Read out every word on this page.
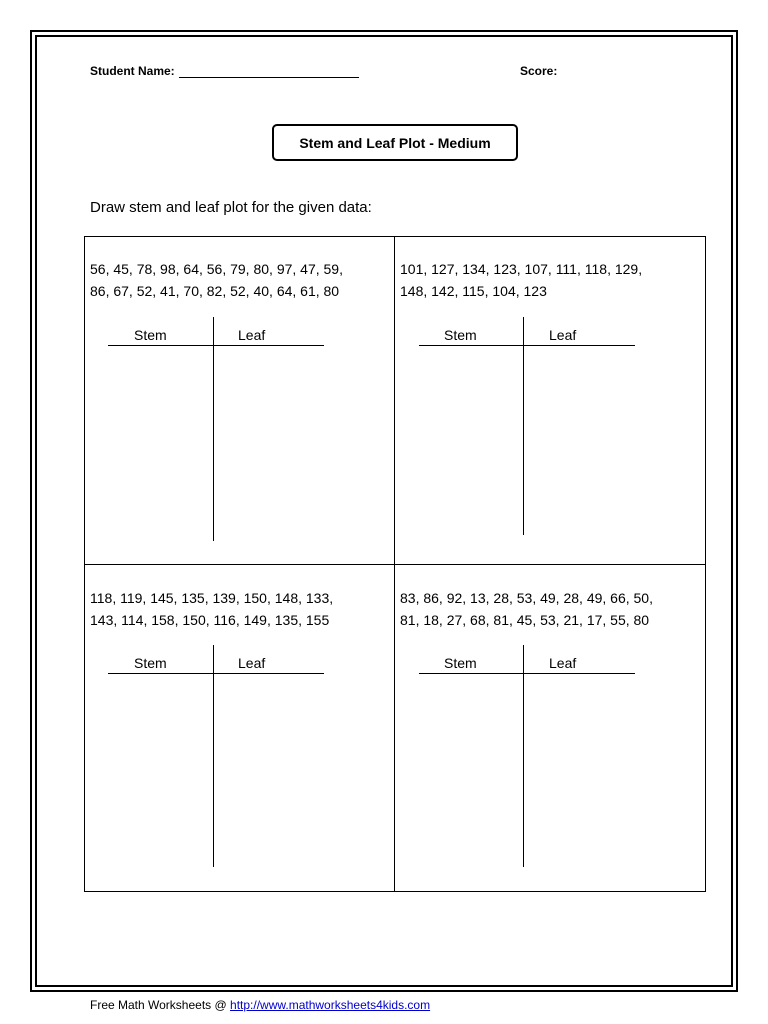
Student Name:	Score:
Stem and Leaf Plot - Medium
Draw stem and leaf plot for the given data:
56, 45, 78, 98, 64, 56, 79, 80, 97, 47, 59,
86, 67, 52, 41, 70, 82, 52, 40, 64, 61, 80
Stem	Leaf
101, 127, 134, 123, 107, 111, 118, 129,
148, 142, 115, 104, 123
Stem	Leaf
118, 119, 145, 135, 139, 150, 148, 133,
143, 114, 158, 150, 116, 149, 135, 155
Stem	Leaf
83, 86, 92, 13, 28, 53, 49, 28, 49, 66, 50,
81, 18, 27, 68, 81, 45, 53, 21, 17, 55, 80
Stem	Leaf
Free Math Worksheets @ http://www.mathworksheets4kids.com
